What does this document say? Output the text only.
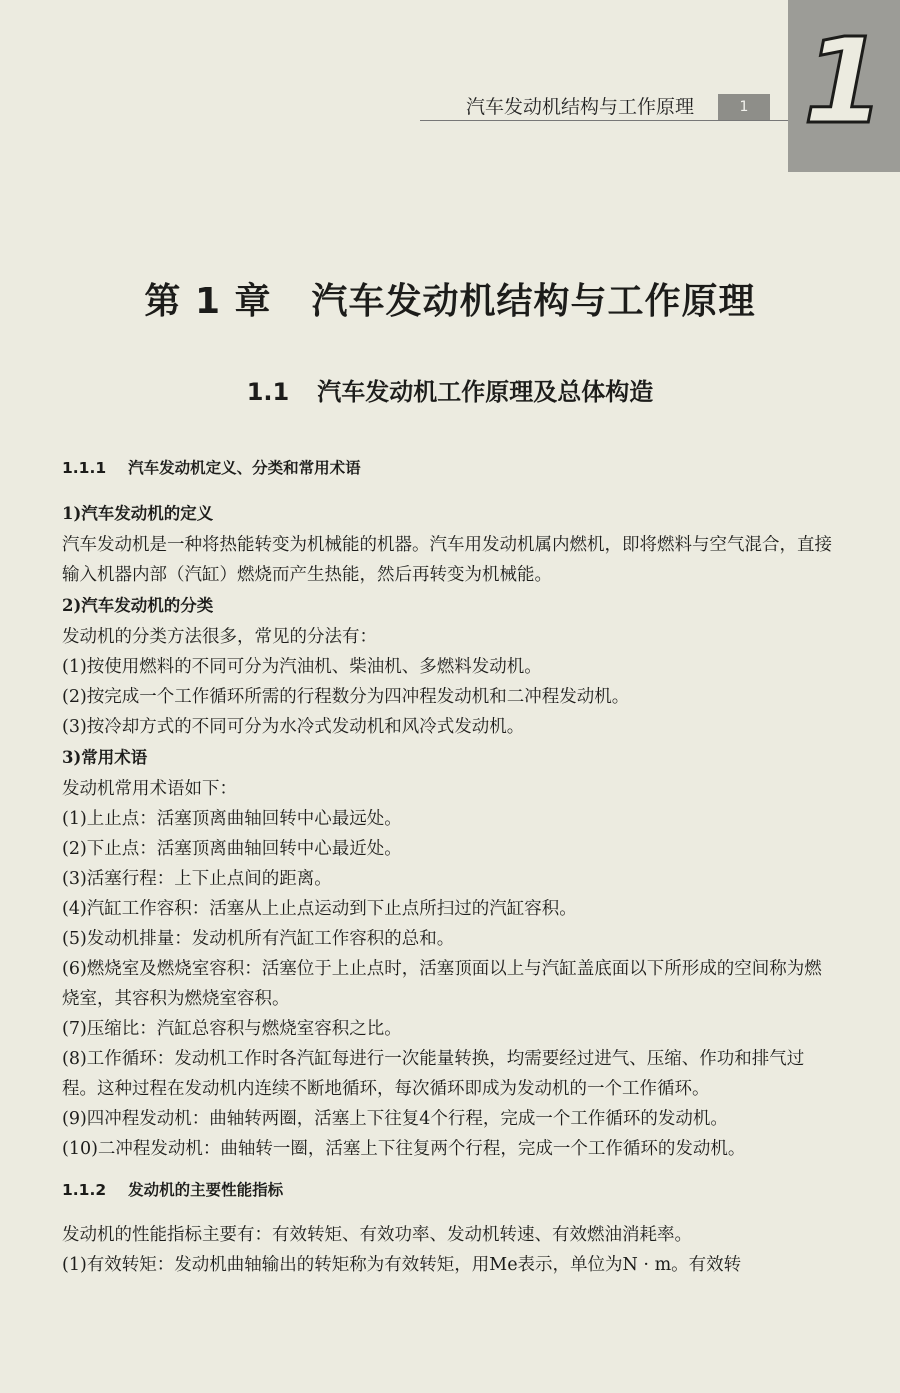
1
汽车发动机结构与工作原理	1
第 1 章 汽车发动机结构与工作原理
1.1 汽车发动机工作原理及总体构造
1.1.1 汽车发动机定义、分类和常用术语
1)汽车发动机的定义

汽车发动机是一种将热能转变为机械能的机器。汽车用发动机属内燃机，即将燃料与空气混合，直接输入机器内部（汽缸）燃烧而产生热能，然后再转变为机械能。

2)汽车发动机的分类

发动机的分类方法很多，常见的分法有：

(1)按使用燃料的不同可分为汽油机、柴油机、多燃料发动机。
(2)按完成一个工作循环所需的行程数分为四冲程发动机和二冲程发动机。
(3)按冷却方式的不同可分为水冷式发动机和风冷式发动机。
3)常用术语

发动机常用术语如下：

(1)上止点：活塞顶离曲轴回转中心最远处。
(2)下止点：活塞顶离曲轴回转中心最近处。
(3)活塞行程：上下止点间的距离。
(4)汽缸工作容积：活塞从上止点运动到下止点所扫过的汽缸容积。
(5)发动机排量：发动机所有汽缸工作容积的总和。
(6)燃烧室及燃烧室容积：活塞位于上止点时，活塞顶面以上与汽缸盖底面以下所形成的空间称为燃烧室，其容积为燃烧室容积。
(7)压缩比：汽缸总容积与燃烧室容积之比。
(8)工作循环：发动机工作时各汽缸每进行一次能量转换，均需要经过进气、压缩、作功和排气过程。这种过程在发动机内连续不断地循环，每次循环即成为发动机的一个工作循环。
(9)四冲程发动机：曲轴转两圈，活塞上下往复4个行程，完成一个工作循环的发动机。
(10)二冲程发动机：曲轴转一圈，活塞上下往复两个行程，完成一个工作循环的发动机。
1.1.2 发动机的主要性能指标

发动机的性能指标主要有：有效转矩、有效功率、发动机转速、有效燃油消耗率。

(1)有效转矩：发动机曲轴输出的转矩称为有效转矩，用Me表示，单位为N · m。有效转
